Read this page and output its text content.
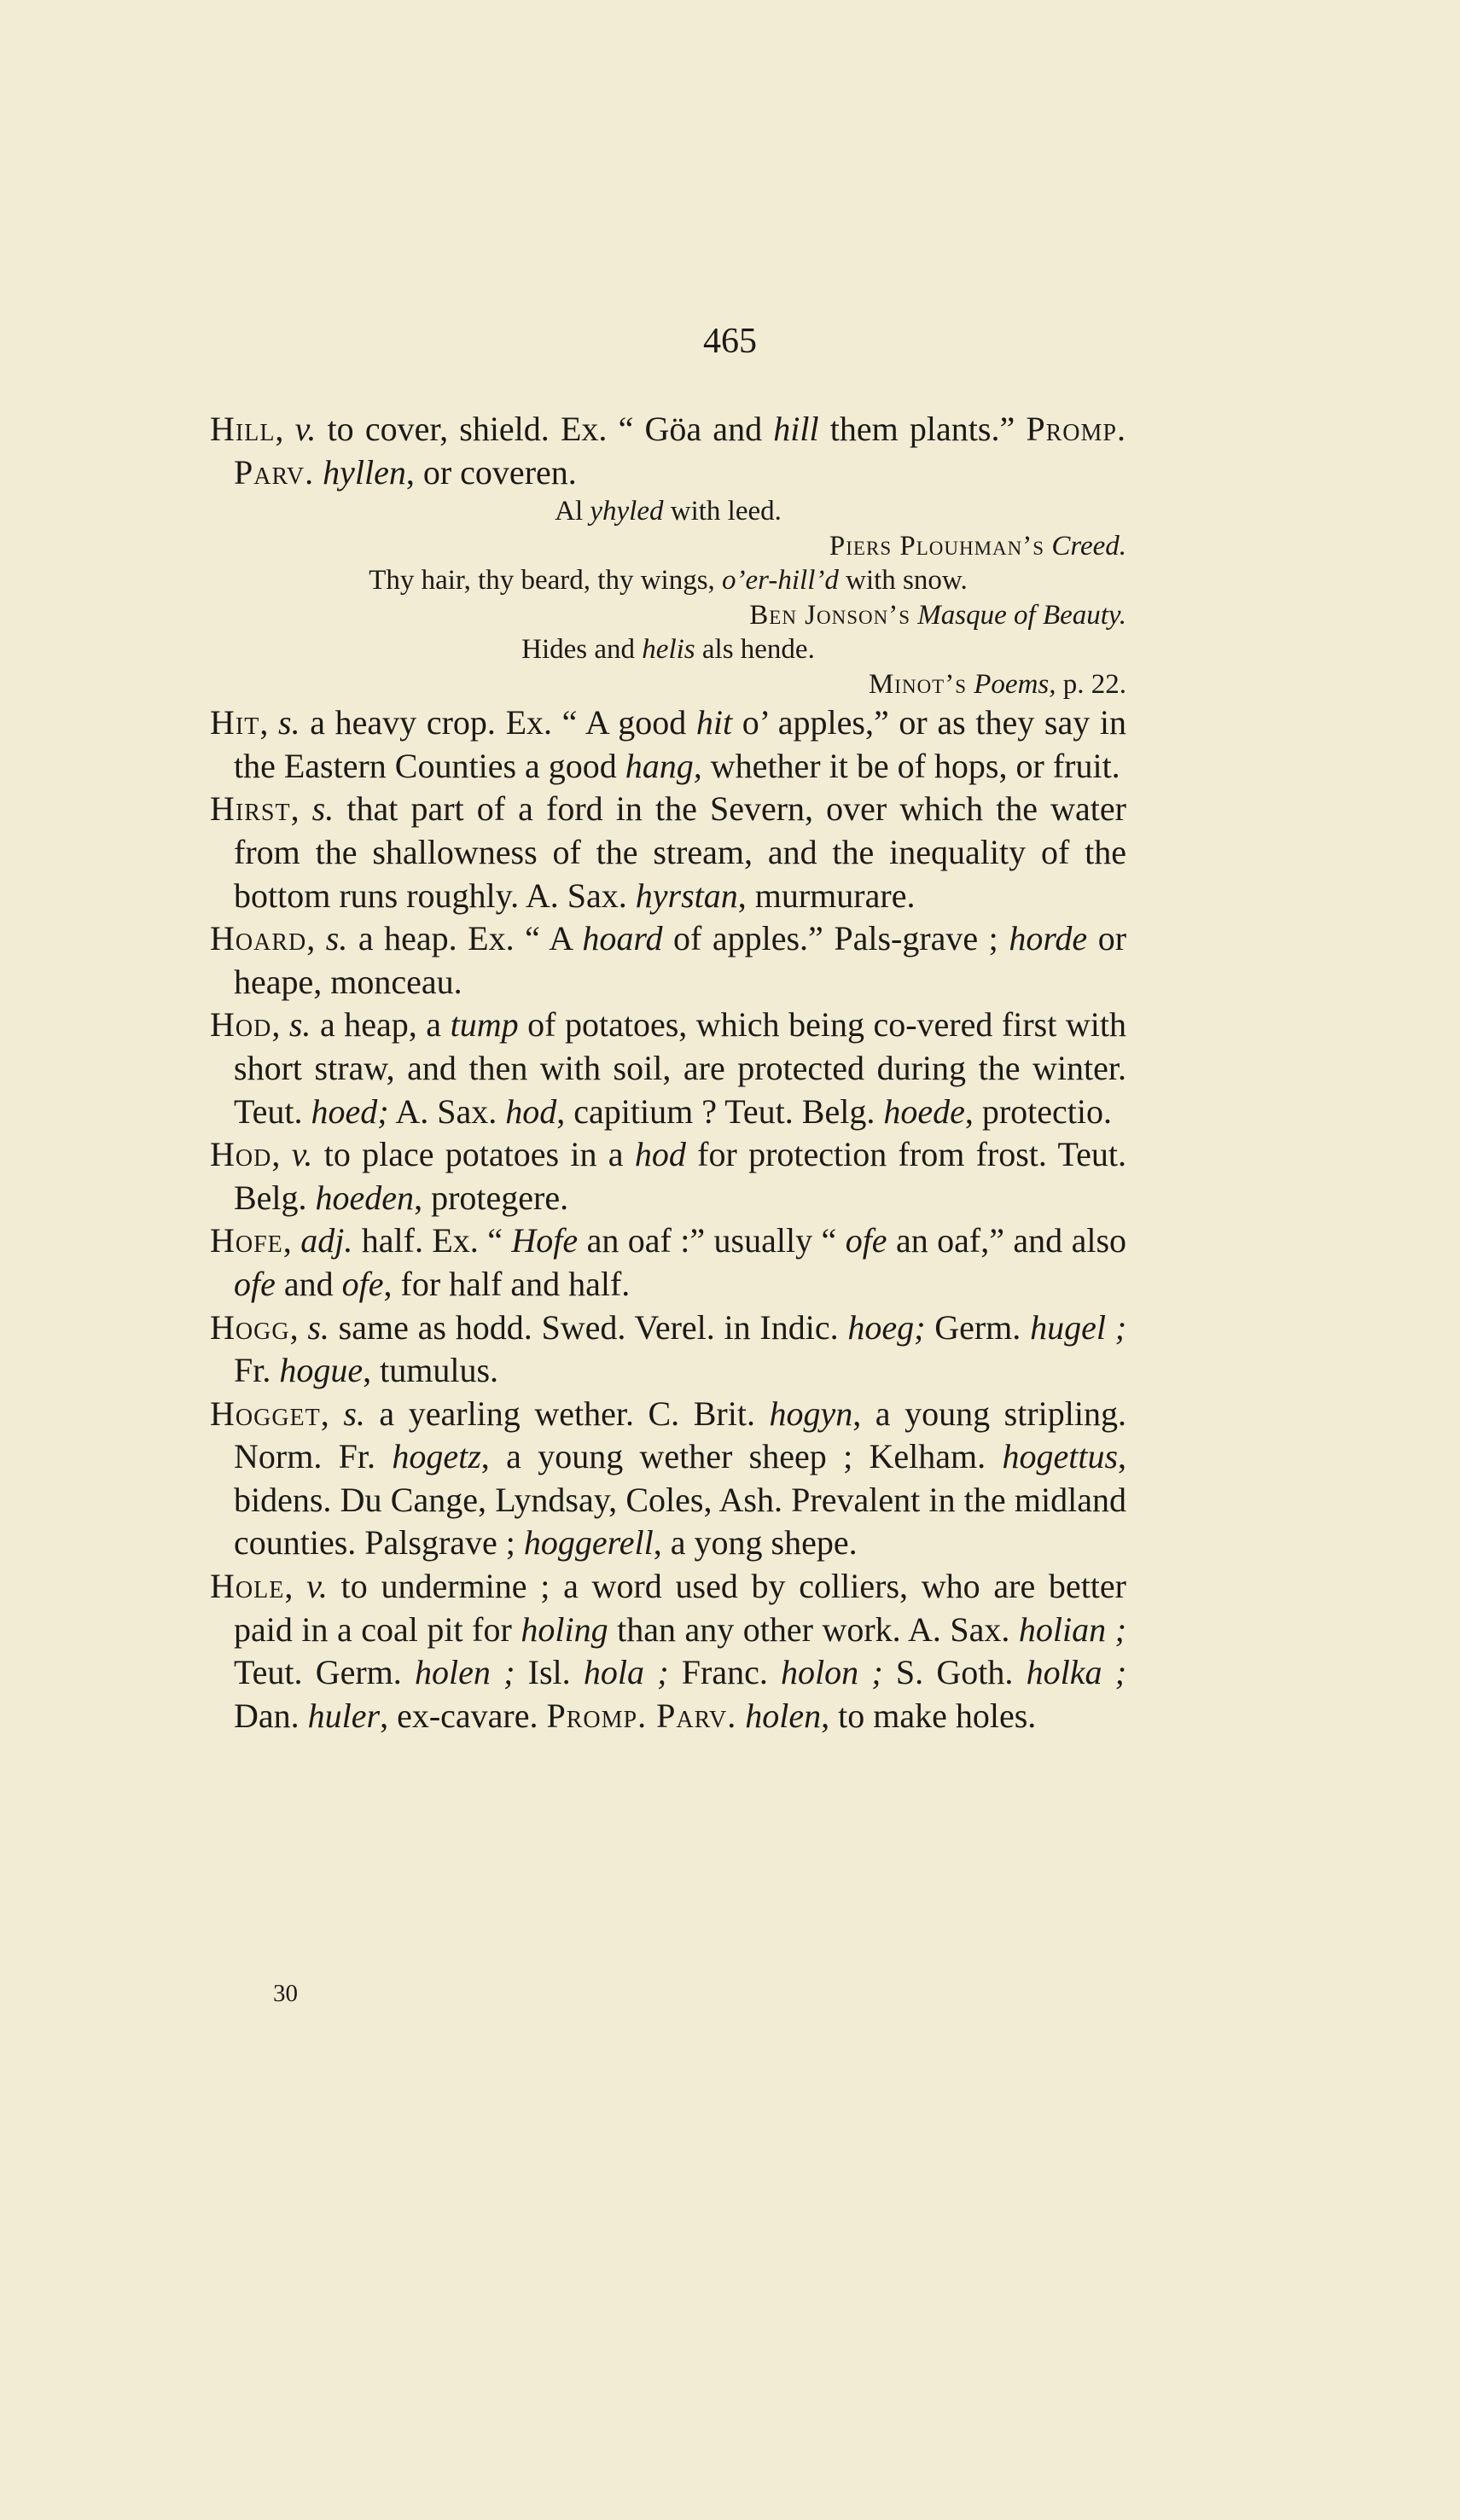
465

Hill, v. to cover, shield. Ex. “ Göa and hill them plants.” Promp. Parv. hyllen, or coveren.

Al yhyled with leed.

Piers Plouhman’s Creed.

Thy hair, thy beard, thy wings, o’er-hill’d with snow.

Ben Jonson’s Masque of Beauty.

Hides and helis als hende.

Minot’s Poems, p. 22.

Hit, s. a heavy crop. Ex. “ A good hit o’ apples,” or as they say in the Eastern Counties a good hang, whether it be of hops, or fruit.

Hirst, s. that part of a ford in the Severn, over which the water from the shallowness of the stream, and the inequality of the bottom runs roughly. A. Sax. hyrstan, murmurare.

Hoard, s. a heap. Ex. “ A hoard of apples.” Pals-grave ; horde or heape, monceau.

Hod, s. a heap, a tump of potatoes, which being co-vered first with short straw, and then with soil, are protected during the winter. Teut. hoed; A. Sax. hod, capitium ? Teut. Belg. hoede, protectio.

Hod, v. to place potatoes in a hod for protection from frost. Teut. Belg. hoeden, protegere.

Hofe, adj. half. Ex. “ Hofe an oaf :” usually “ ofe an oaf,” and also ofe and ofe, for half and half.

Hogg, s. same as hodd. Swed. Verel. in Indic. hoeg; Germ. hugel ; Fr. hogue, tumulus.

Hogget, s. a yearling wether. C. Brit. hogyn, a young stripling. Norm. Fr. hogetz, a young wether sheep ; Kelham. hogettus, bidens. Du Cange, Lyndsay, Coles, Ash. Prevalent in the midland counties. Palsgrave ; hoggerell, a yong shepe.

Hole, v. to undermine ; a word used by colliers, who are better paid in a coal pit for holing than any other work. A. Sax. holian ; Teut. Germ. holen ; Isl. hola ; Franc. holon ; S. Goth. holka ; Dan. huler, ex-cavare. Promp. Parv. holen, to make holes.

30
